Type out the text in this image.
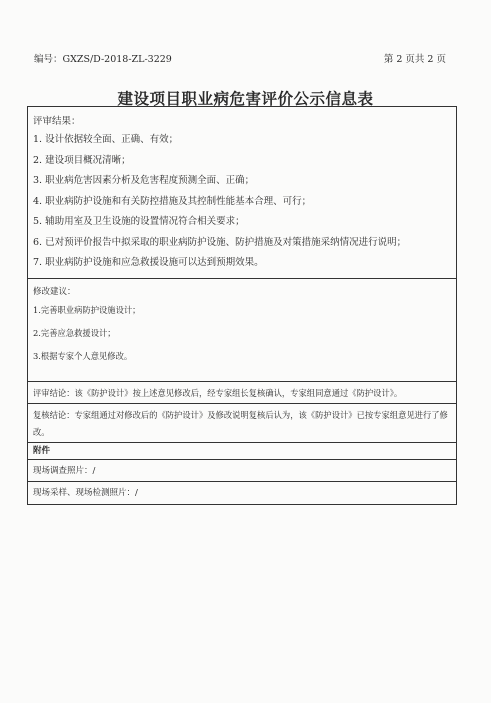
编号：GXZS/D-2018-ZL-3229	第 2 页共 2 页
建设项目职业病危害评价公示信息表
评审结果：
1. 设计依据较全面、正确、有效；
2. 建设项目概况清晰；
3. 职业病危害因素分析及危害程度预测全面、正确；
4. 职业病防护设施和有关防控措施及其控制性能基本合理、可行；
5. 辅助用室及卫生设施的设置情况符合相关要求；
6. 已对预评价报告中拟采取的职业病防护设施、防护措施及对策措施采纳情况进行说明；
7. 职业病防护设施和应急救援设施可以达到预期效果。
修改建议：
1.完善职业病防护设施设计；
2.完善应急救援设计；
3.根据专家个人意见修改。
评审结论：该《防护设计》按上述意见修改后，经专家组长复核确认，专家组同意通过《防护设计》。
复核结论：专家组通过对修改后的《防护设计》及修改说明复核后认为，该《防护设计》已按专家组意见进行了修改。
附件
现场调查照片：/
现场采样、现场检测照片：/
